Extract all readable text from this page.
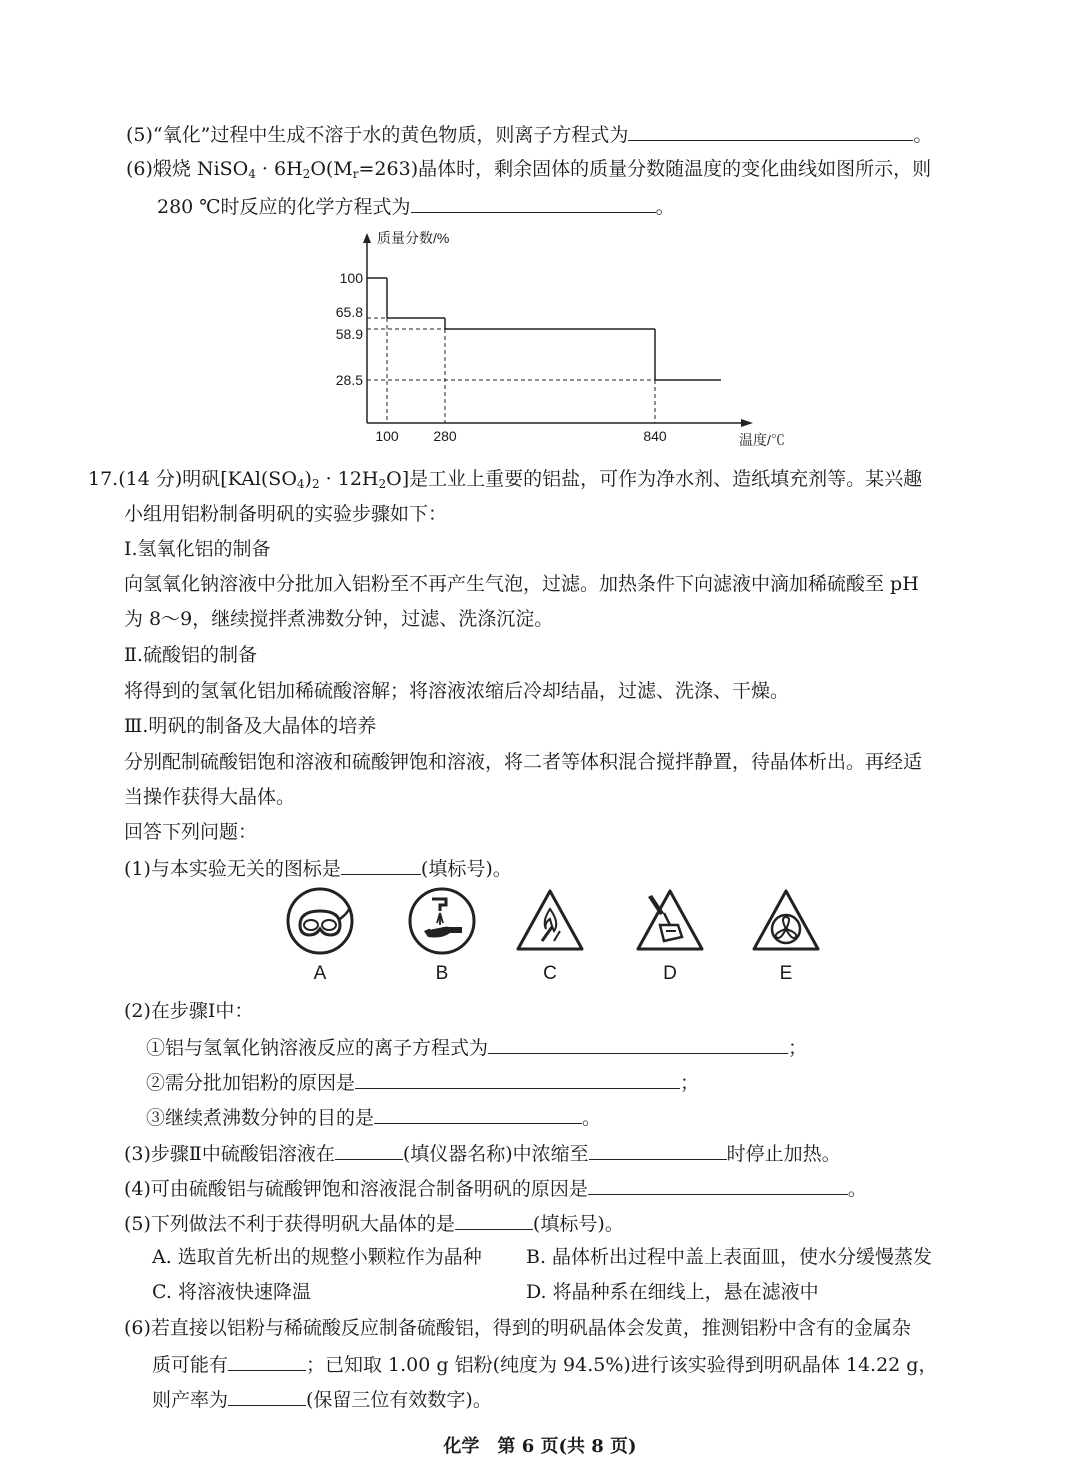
(5)“氧化”过程中生成不溶于水的黄色物质，则离子方程式为	。
(6)煅烧 NiSO$_4$ · $6H_2O(M_r=263)$晶体时，剩余固体的质量分数随温度的变化曲线如图所示，则
280 ℃时反应的化学方程式为	。
质量分数/%
温度/℃
100
65.8
58.9
28.5
100 280	840
17.(14 分)明矾$[KAl(SO_4)_2 \cdot 12H_2O]$是工业上重要的铝盐，可作为净水剂、造纸填充剂等。某兴趣
小组用铝粉制备明矾的实验步骤如下：
Ⅰ.氢氧化铝的制备
向氢氧化钠溶液中分批加入铝粉至不再产生气泡，过滤。加热条件下向滤液中滴加稀硫酸至 pH
为 8～9，继续搅拌煮沸数分钟，过滤、洗涤沉淀。
Ⅱ.硫酸铝的制备
将得到的氢氧化铝加稀硫酸溶解；将溶液浓缩后冷却结晶，过滤、洗涤、干燥。
Ⅲ.明矾的制备及大晶体的培养
分别配制硫酸铝饱和溶液和硫酸钾饱和溶液，将二者等体积混合搅拌静置，待晶体析出。再经适
当操作获得大晶体。
回答下列问题：
(1)与本实验无关的图标是	(填标号)。
A	B	C	D	E
(2)在步骤Ⅰ中：
①铝与氢氧化钠溶液反应的离子方程式为	；
②需分批加铝粉的原因是	；
③继续煮沸数分钟的目的是	。
(3)步骤Ⅱ中硫酸铝溶液在	(填仪器名称)中浓缩至	时停止加热。
(4)可由硫酸铝与硫酸钾饱和溶液混合制备明矾的原因是	。
(5)下列做法不利于获得明矾大晶体的是	(填标号)。
A. 选取首先析出的规整小颗粒作为晶种 B. 晶体析出过程中盖上表面皿，使水分缓慢蒸发
C. 将溶液快速降温	D. 将晶种系在细线上，悬在滤液中
(6)若直接以铝粉与稀硫酸反应制备硫酸铝，得到的明矾晶体会发黄，推测铝粉中含有的金属杂
质可能有	；已知取 1.00 g 铝粉(纯度为 94.5%)进行该实验得到明矾晶体 14.22 g，
则产率为	(保留三位有效数字)。
化学　第 6 页(共 8 页)
